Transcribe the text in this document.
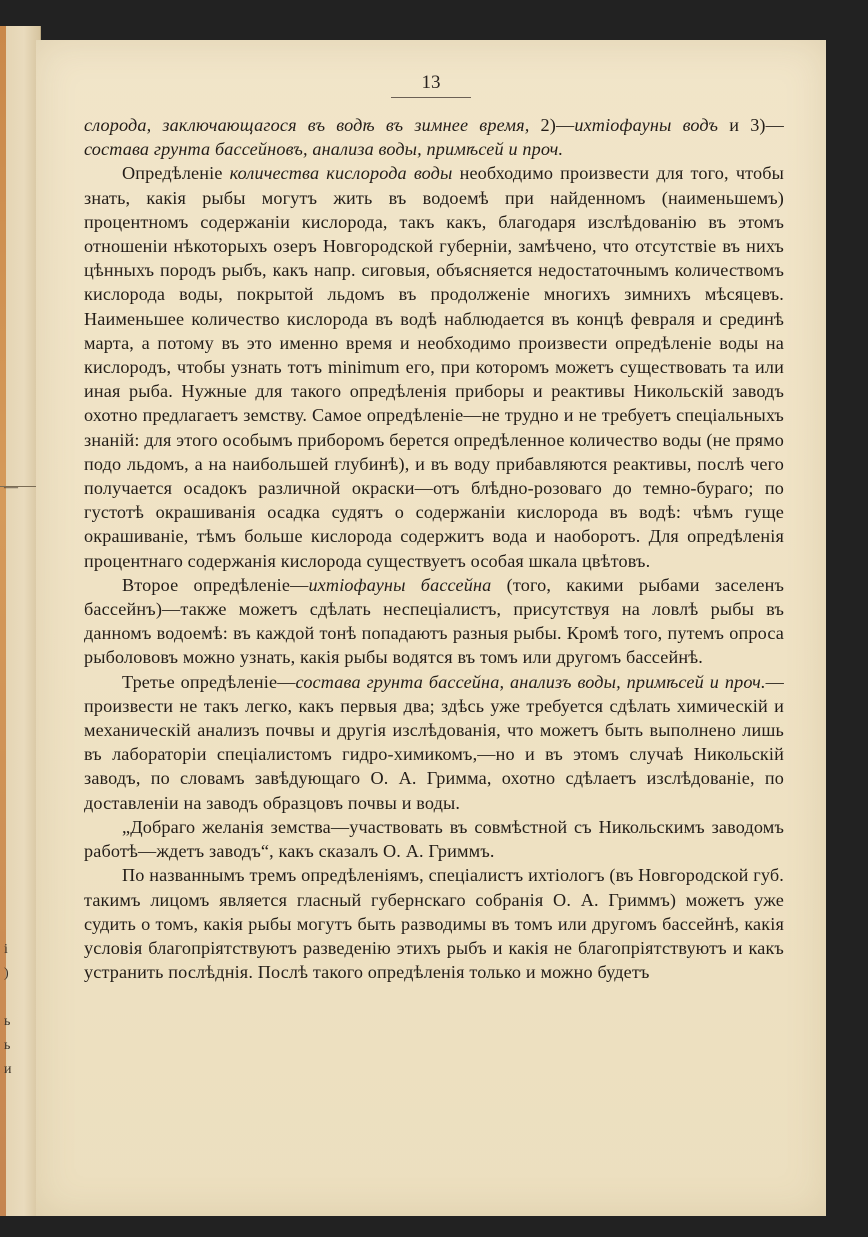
—
і
)
ь
ь
и
13

слорода, заключающагося въ водѣ въ зимнее время, 2)—ихтіофауны водъ и 3)—состава грунта бассейновъ, анализа воды, примѣсей и проч.

Опредѣленіе количества кислорода воды необходимо произвести для того, чтобы знать, какія рыбы могутъ жить въ водоемѣ при найденномъ (наименьшемъ) процентномъ содержаніи кислорода, такъ какъ, благодаря изслѣдованію въ этомъ отношеніи нѣкоторыхъ озеръ Новгородской губерніи, замѣчено, что отсутствіе въ нихъ цѣнныхъ породъ рыбъ, какъ напр. сиговыя, объясняется недостаточнымъ количествомъ кислорода воды, покрытой льдомъ въ продолженіе многихъ зимнихъ мѣсяцевъ. Наименьшее количество кислорода въ водѣ наблюдается въ концѣ февраля и срединѣ марта, а потому въ это именно время и необходимо произвести опредѣленіе воды на кислородъ, чтобы узнать тотъ minimum его, при которомъ можетъ существовать та или иная рыба. Нужные для такого опредѣленія приборы и реактивы Никольскій заводъ охотно предлагаетъ земству. Самое опредѣленіе—не трудно и не требуетъ спеціальныхъ знаній: для этого особымъ приборомъ берется опредѣленное количество воды (не прямо подо льдомъ, а на наибольшей глубинѣ), и въ воду прибавляются реактивы, послѣ чего получается осадокъ различной окраски—отъ блѣдно-розоваго до темно-бураго; по густотѣ окрашиванія осадка судятъ о содержаніи кислорода въ водѣ: чѣмъ гуще окрашиваніе, тѣмъ больше кислорода содержитъ вода и наоборотъ. Для опредѣленія процентнаго содержанія кислорода существуетъ особая шкала цвѣтовъ.

Второе опредѣленіе—ихтіофауны бассейна (того, какими рыбами заселенъ бассейнъ)—также можетъ сдѣлать неспеціалистъ, присутствуя на ловлѣ рыбы въ данномъ водоемѣ: въ каждой тонѣ попадаютъ разныя рыбы. Кромѣ того, путемъ опроса рыболововъ можно узнать, какія рыбы водятся въ томъ или другомъ бассейнѣ.

Третье опредѣленіе—состава грунта бассейна, анализъ воды, примѣсей и проч.—произвести не такъ легко, какъ первыя два; здѣсь уже требуется сдѣлать химическій и механическій анализъ почвы и другія изслѣдованія, что можетъ быть выполнено лишь въ лабораторіи спеціалистомъ гидро-химикомъ,—но и въ этомъ случаѣ Никольскій заводъ, по словамъ завѣдующаго О. А. Гримма, охотно сдѣлаетъ изслѣдованіе, по доставленіи на заводъ образцовъ почвы и воды.

„Добраго желанія земства—участвовать въ совмѣстной съ Никольскимъ заводомъ работѣ—ждетъ заводъ“, какъ сказалъ О. А. Гриммъ.

По названнымъ тремъ опредѣленіямъ, спеціалистъ ихтіологъ (въ Новгородской губ. такимъ лицомъ является гласный губернскаго собранія О. А. Гриммъ) можетъ уже судить о томъ, какія рыбы могутъ быть разводимы въ томъ или другомъ бассейнѣ, какія условія благопріятствуютъ разведенію этихъ рыбъ и какія не благопріятствуютъ и какъ устранить послѣднія. Послѣ такого опредѣленія только и можно будетъ
